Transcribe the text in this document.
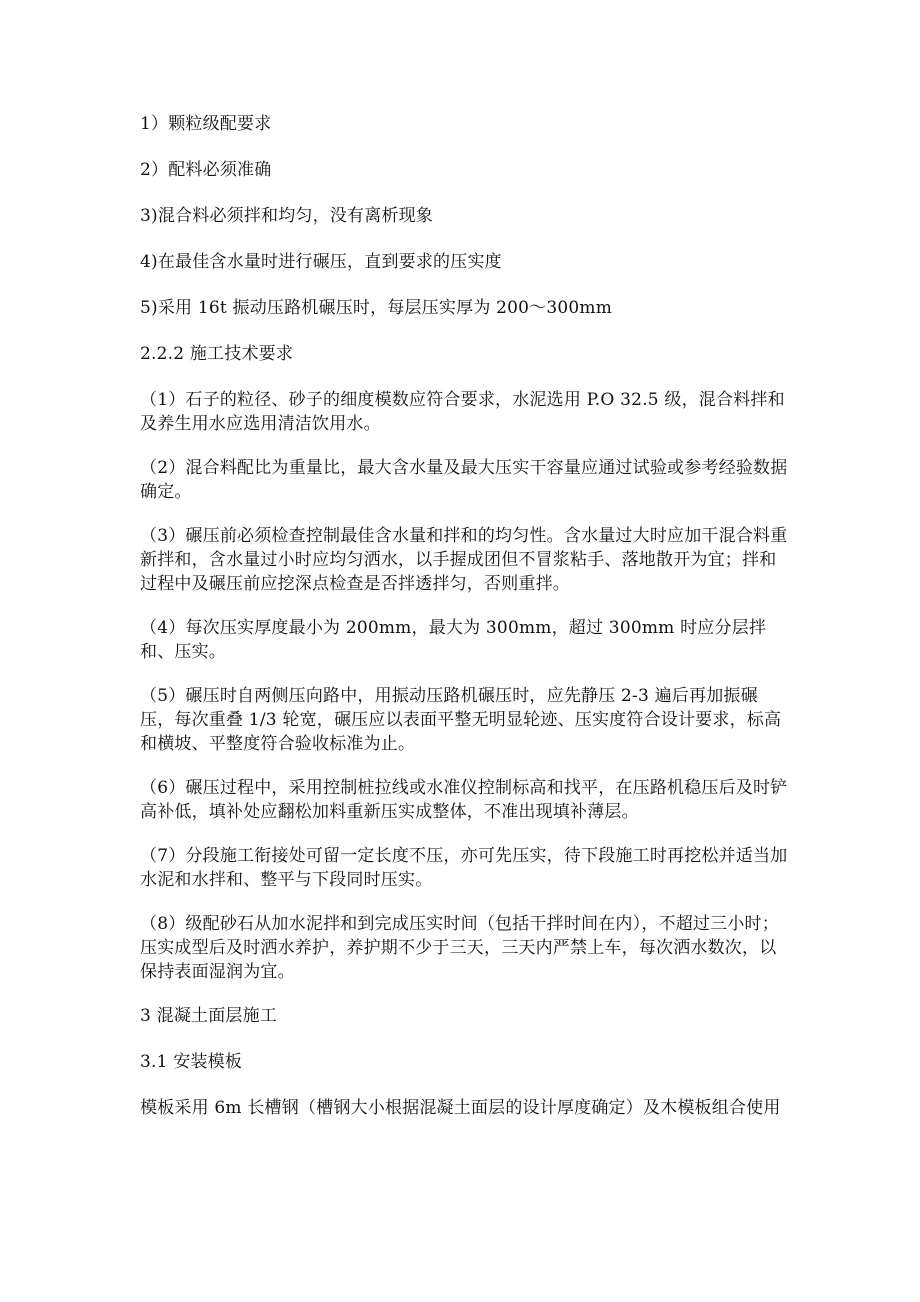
1）颗粒级配要求

2）配料必须准确

3)混合料必须拌和均匀，没有离析现象

4)在最佳含水量时进行碾压，直到要求的压实度

5)采用 16t 振动压路机碾压时，每层压实厚为 200～300mm

2.2.2 施工技术要求

（1）石子的粒径、砂子的细度模数应符合要求，水泥选用 P.O 32.5 级，混合料拌和及养生用水应选用清洁饮用水。

（2）混合料配比为重量比，最大含水量及最大压实干容量应通过试验或参考经验数据确定。

（3）碾压前必须检查控制最佳含水量和拌和的均匀性。含水量过大时应加干混合料重新拌和，含水量过小时应均匀洒水，以手握成团但不冒浆粘手、落地散开为宜；拌和过程中及碾压前应挖深点检查是否拌透拌匀，否则重拌。

（4）每次压实厚度最小为 200mm，最大为 300mm，超过 300mm 时应分层拌和、压实。

（5）碾压时自两侧压向路中，用振动压路机碾压时，应先静压 2-3 遍后再加振碾压，每次重叠 1/3 轮宽，碾压应以表面平整无明显轮迹、压实度符合设计要求，标高和横坡、平整度符合验收标准为止。

（6）碾压过程中，采用控制桩拉线或水准仪控制标高和找平，在压路机稳压后及时铲高补低，填补处应翻松加料重新压实成整体，不准出现填补薄层。

（7）分段施工衔接处可留一定长度不压，亦可先压实，待下段施工时再挖松并适当加水泥和水拌和、整平与下段同时压实。

（8）级配砂石从加水泥拌和到完成压实时间（包括干拌时间在内），不超过三小时；压实成型后及时洒水养护，养护期不少于三天，三天内严禁上车，每次洒水数次，以保持表面湿润为宜。

3 混凝土面层施工

3.1 安装模板

模板采用 6m 长槽钢（槽钢大小根据混凝土面层的设计厚度确定）及木模板组合使用
